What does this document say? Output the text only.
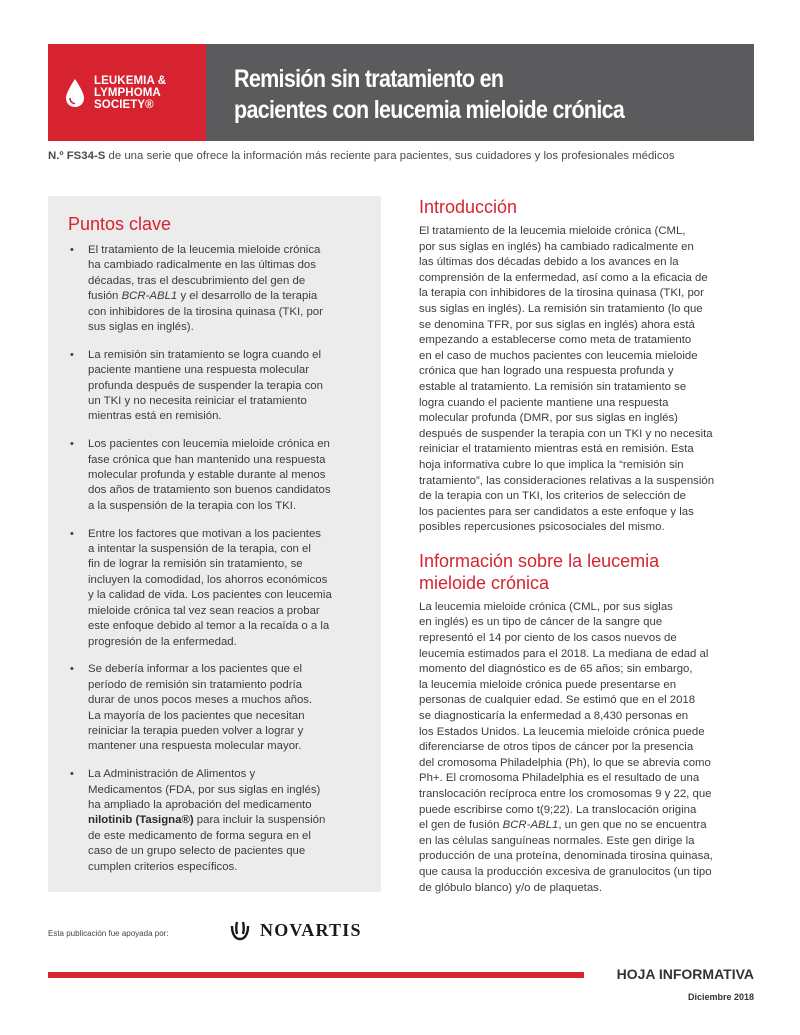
LEUKEMIA &
LYMPHOMA
SOCIETY®
Remisión sin tratamiento en
pacientes con leucemia mieloide crónica
N.º FS34-S de una serie que ofrece la información más reciente para pacientes, sus cuidadores y los profesionales médicos
Puntos clave
• El tratamiento de la leucemia mieloide crónica
ha cambiado radicalmente en las últimas dos
décadas, tras el descubrimiento del gen de
fusión BCR-ABL1 y el desarrollo de la terapia
con inhibidores de la tirosina quinasa (TKI, por
sus siglas en inglés).
• La remisión sin tratamiento se logra cuando el
paciente mantiene una respuesta molecular
profunda después de suspender la terapia con
un TKI y no necesita reiniciar el tratamiento
mientras está en remisión.
• Los pacientes con leucemia mieloide crónica en
fase crónica que han mantenido una respuesta
molecular profunda y estable durante al menos
dos años de tratamiento son buenos candidatos
a la suspensión de la terapia con los TKI.
• Entre los factores que motivan a los pacientes
a intentar la suspensión de la terapia, con el
fin de lograr la remisión sin tratamiento, se
incluyen la comodidad, los ahorros económicos
y la calidad de vida. Los pacientes con leucemia
mieloide crónica tal vez sean reacios a probar
este enfoque debido al temor a la recaída o a la
progresión de la enfermedad.
• Se debería informar a los pacientes que el
período de remisión sin tratamiento podría
durar de unos pocos meses a muchos años.
La mayoría de los pacientes que necesitan
reiniciar la terapia pueden volver a lograr y
mantener una respuesta molecular mayor.
• La Administración de Alimentos y
Medicamentos (FDA, por sus siglas en inglés)
ha ampliado la aprobación del medicamento
nilotinib (Tasigna®) para incluir la suspensión
de este medicamento de forma segura en el
caso de un grupo selecto de pacientes que
cumplen criterios específicos.
Introducción

El tratamiento de la leucemia mieloide crónica (CML,
por sus siglas en inglés) ha cambiado radicalmente en
las últimas dos décadas debido a los avances en la
comprensión de la enfermedad, así como a la eficacia de
la terapia con inhibidores de la tirosina quinasa (TKI, por
sus siglas en inglés). La remisión sin tratamiento (lo que
se denomina TFR, por sus siglas en inglés) ahora está
empezando a establecerse como meta de tratamiento
en el caso de muchos pacientes con leucemia mieloide
crónica que han logrado una respuesta profunda y
estable al tratamiento. La remisión sin tratamiento se
logra cuando el paciente mantiene una respuesta
molecular profunda (DMR, por sus siglas en inglés)
después de suspender la terapia con un TKI y no necesita
reiniciar el tratamiento mientras está en remisión. Esta
hoja informativa cubre lo que implica la “remisión sin
tratamiento”, las consideraciones relativas a la suspensión
de la terapia con un TKI, los criterios de selección de
los pacientes para ser candidatos a este enfoque y las
posibles repercusiones psicosociales del mismo.

Información sobre la leucemia
mieloide crónica

La leucemia mieloide crónica (CML, por sus siglas
en inglés) es un tipo de cáncer de la sangre que
representó el 14 por ciento de los casos nuevos de
leucemia estimados para el 2018. La mediana de edad al
momento del diagnóstico es de 65 años; sin embargo,
la leucemia mieloide crónica puede presentarse en
personas de cualquier edad. Se estimó que en el 2018
se diagnosticaría la enfermedad a 8,430 personas en
los Estados Unidos. La leucemia mieloide crónica puede
diferenciarse de otros tipos de cáncer por la presencia
del cromosoma Philadelphia (Ph), lo que se abrevia como
Ph+. El cromosoma Philadelphia es el resultado de una
translocación recíproca entre los cromosomas 9 y 22, que
puede escribirse como t(9;22). La translocación origina
el gen de fusión BCR-ABL1, un gen que no se encuentra
en las células sanguíneas normales. Este gen dirige la
producción de una proteína, denominada tirosina quinasa,
que causa la producción excesiva de granulocitos (un tipo
de glóbulo blanco) y/o de plaquetas.

Esta publicación fue apoyada por:	NOVARTIS
HOJA INFORMATIVA
Diciembre 2018
